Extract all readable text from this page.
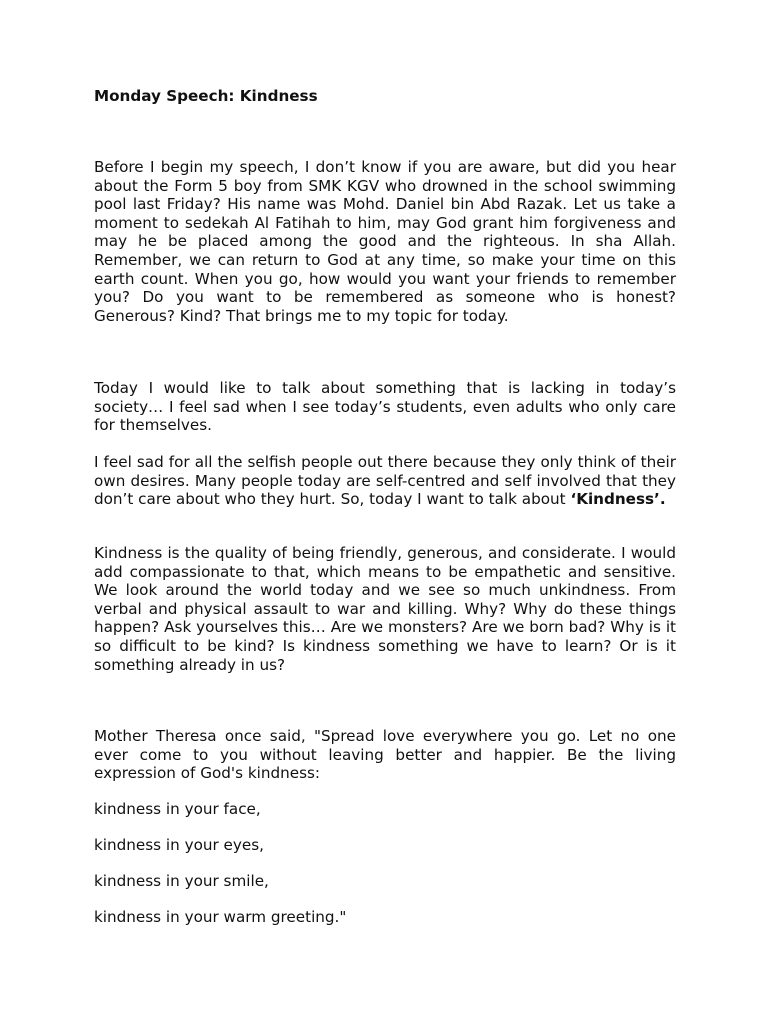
Monday Speech: Kindness

Before I begin my speech, I don’t know if you are aware, but did you hear about the Form 5 boy from SMK KGV who drowned in the school swimming pool last Friday? His name was Mohd. Daniel bin Abd Razak. Let us take a moment to sedekah Al Fatihah to him, may God grant him forgiveness and may he be placed among the good and the righteous. In sha Allah. Remember, we can return to God at any time, so make your time on this earth count. When you go, how would you want your friends to remember you? Do you want to be remembered as someone who is honest? Generous? Kind? That brings me to my topic for today.

Today I would like to talk about something that is lacking in today’s society… I feel sad when I see today’s students, even adults who only care for themselves.

I feel sad for all the selfish people out there because they only think of their own desires. Many people today are self-centred and self involved that they don’t care about who they hurt. So, today I want to talk about ‘Kindness’.

Kindness is the quality of being friendly, generous, and considerate. I would add compassionate to that, which means to be empathetic and sensitive. We look around the world today and we see so much unkindness. From verbal and physical assault to war and killing. Why? Why do these things happen? Ask yourselves this… Are we monsters? Are we born bad? Why is it so difficult to be kind? Is kindness something we have to learn? Or is it something already in us?

Mother Theresa once said, "Spread love everywhere you go. Let no one ever come to you without leaving better and happier. Be the living expression of God's kindness:

kindness in your face,

kindness in your eyes,

kindness in your smile,

kindness in your warm greeting."
